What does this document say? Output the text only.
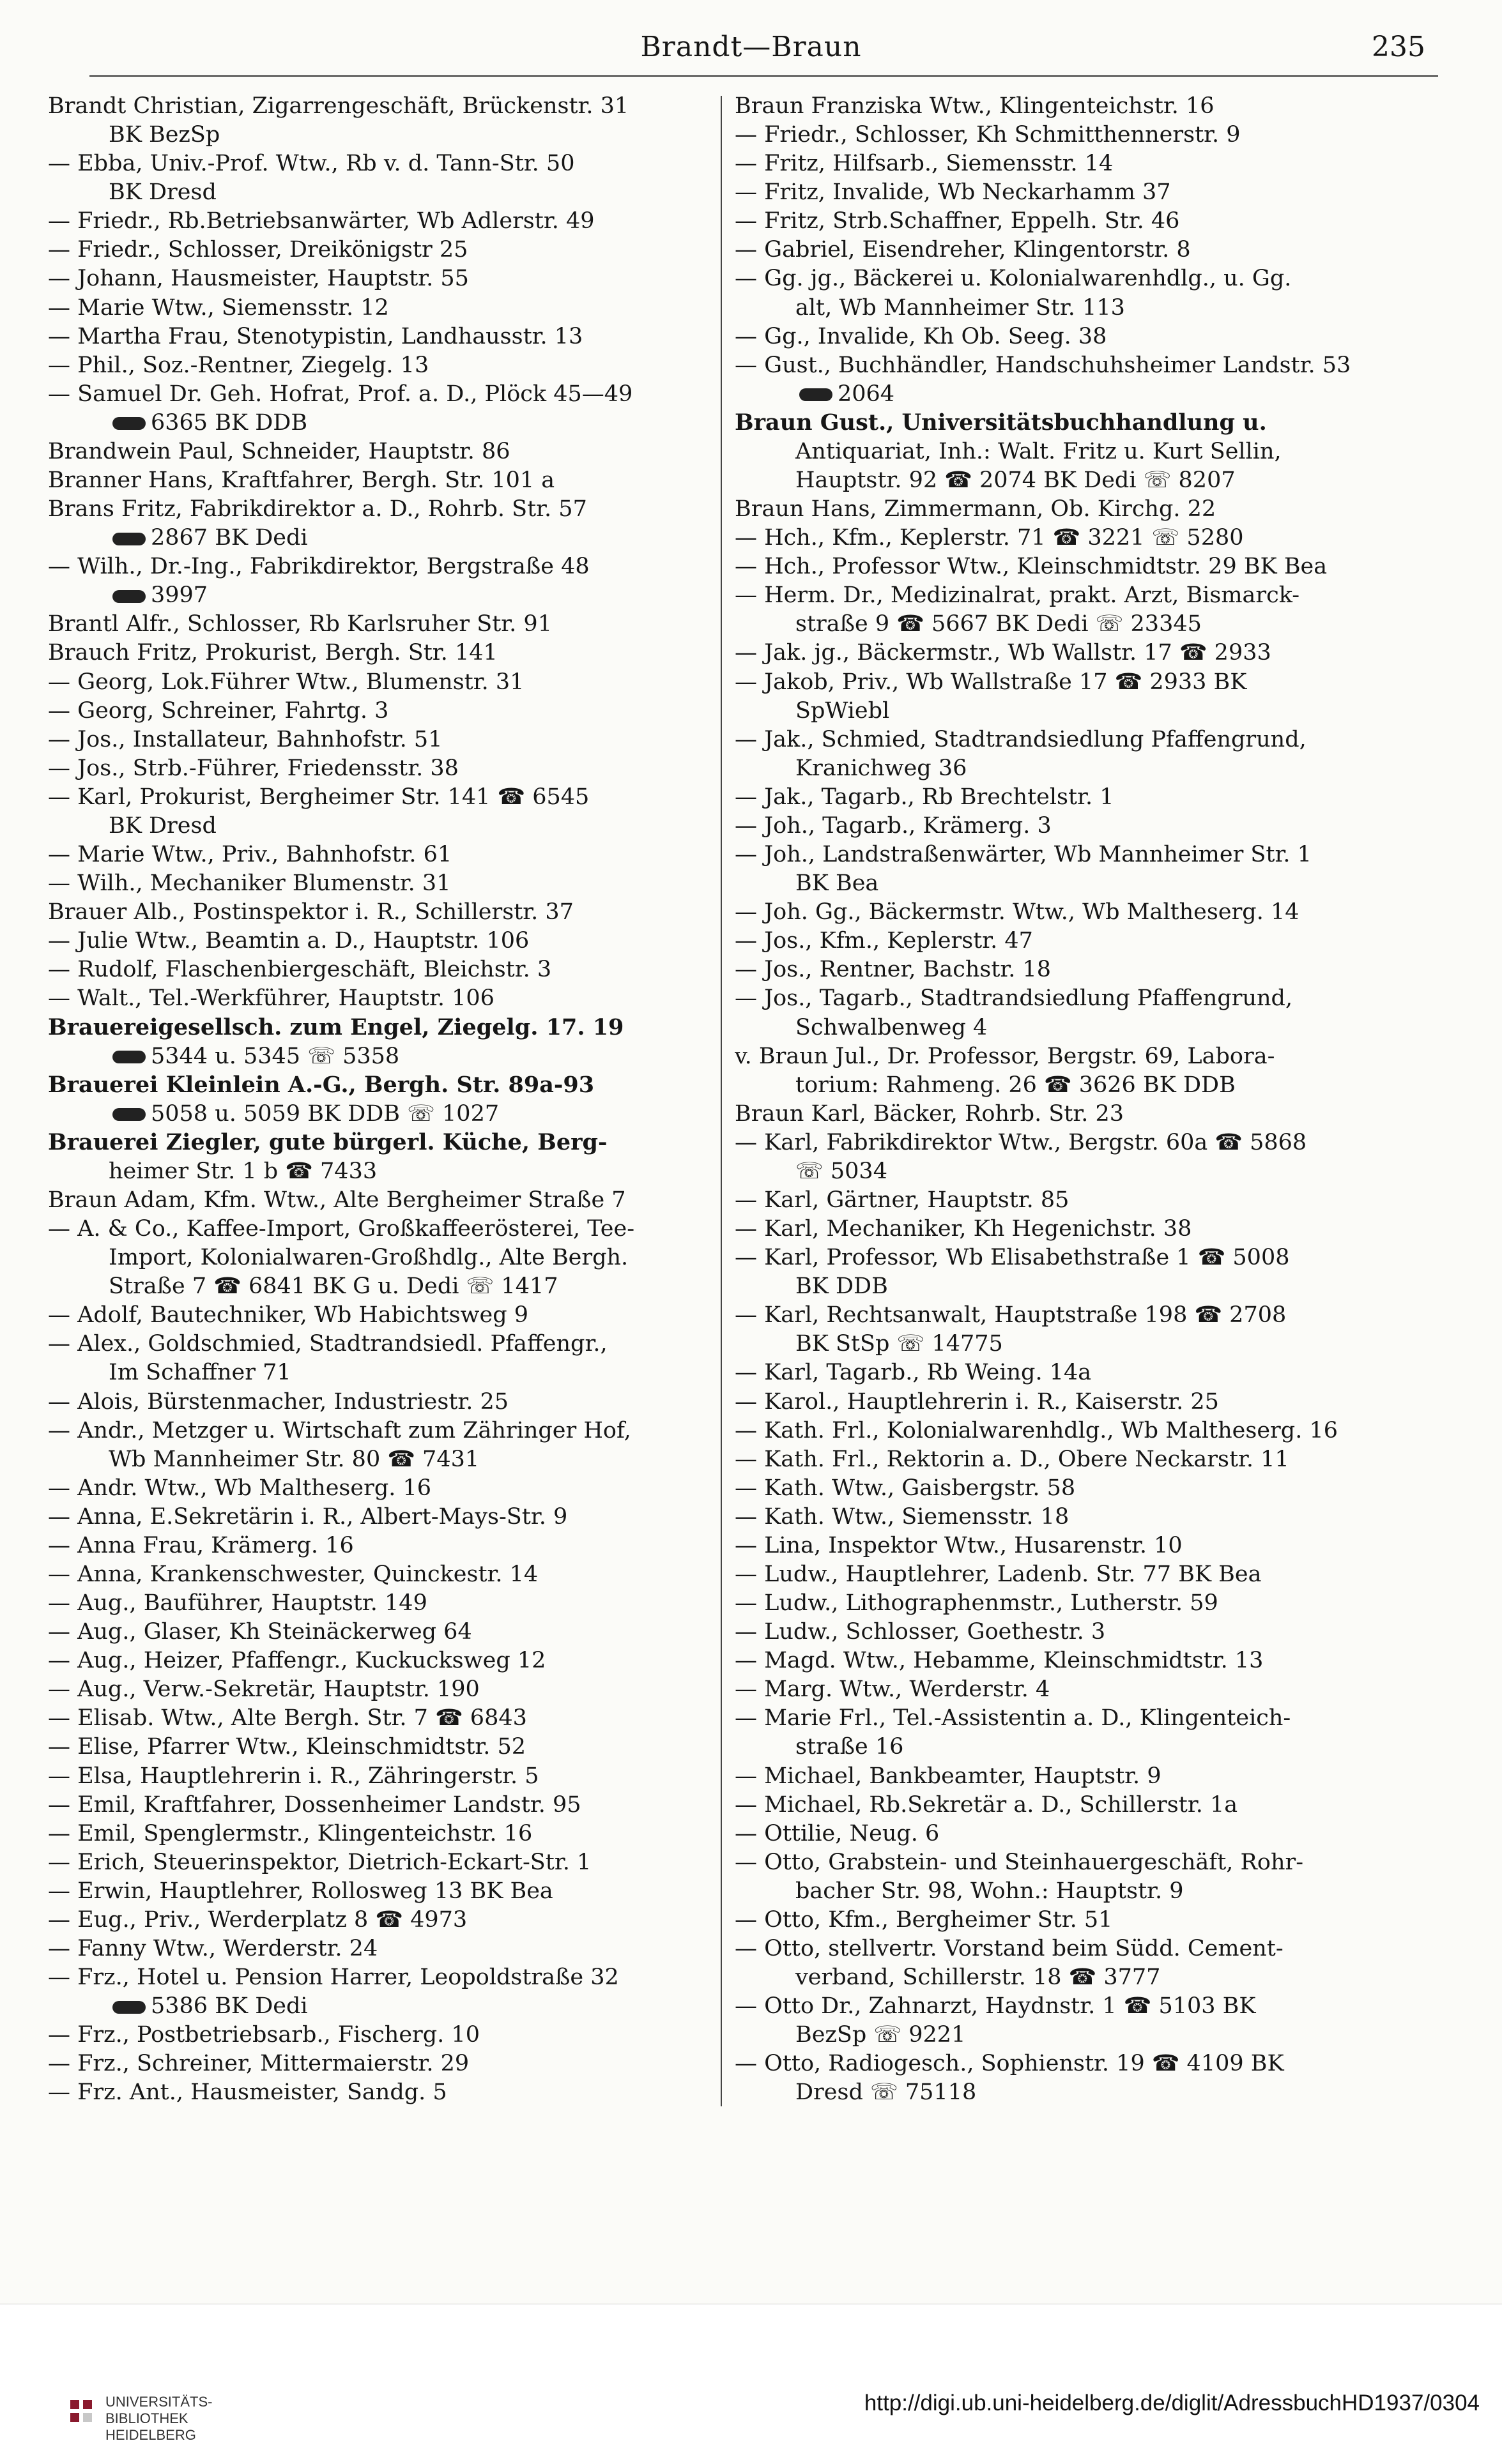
Brandt—Braun	235
Brandt Christian, Zigarrengeschäft, Brückenstr. 31
BK BezSp
— Ebba, Univ.-Prof. Wtw., Rb v. d. Tann-Str. 50
BK Dresd
— Friedr., Rb.Betriebsanwärter, Wb Adlerstr. 49
— Friedr., Schlosser, Dreikönigstr 25
— Johann, Hausmeister, Hauptstr. 55
— Marie Wtw., Siemensstr. 12
— Martha Frau, Stenotypistin, Landhausstr. 13
— Phil., Soz.-Rentner, Ziegelg. 13
— Samuel Dr. Geh. Hofrat, Prof. a. D., Plöck 45—49
6365 BK DDB
Brandwein Paul, Schneider, Hauptstr. 86
Branner Hans, Kraftfahrer, Bergh. Str. 101 a
Brans Fritz, Fabrikdirektor a. D., Rohrb. Str. 57
2867 BK Dedi
— Wilh., Dr.-Ing., Fabrikdirektor, Bergstraße 48
3997
Brantl Alfr., Schlosser, Rb Karlsruher Str. 91
Brauch Fritz, Prokurist, Bergh. Str. 141
— Georg, Lok.Führer Wtw., Blumenstr. 31
— Georg, Schreiner, Fahrtg. 3
— Jos., Installateur, Bahnhofstr. 51
— Jos., Strb.-Führer, Friedensstr. 38
— Karl, Prokurist, Bergheimer Str. 141 ☎ 6545
BK Dresd
— Marie Wtw., Priv., Bahnhofstr. 61
— Wilh., Mechaniker Blumenstr. 31
Brauer Alb., Postinspektor i. R., Schillerstr. 37
— Julie Wtw., Beamtin a. D., Hauptstr. 106
— Rudolf, Flaschenbiergeschäft, Bleichstr. 3
— Walt., Tel.-Werkführer, Hauptstr. 106
Brauereigesellsch. zum Engel, Ziegelg. 17. 19
5344 u. 5345 ☏ 5358
Brauerei Kleinlein A.-G., Bergh. Str. 89a-93
5058 u. 5059 BK DDB ☏ 1027
Brauerei Ziegler, gute bürgerl. Küche, Berg-
heimer Str. 1 b ☎ 7433
Braun Adam, Kfm. Wtw., Alte Bergheimer Straße 7
— A. & Co., Kaffee-Import, Großkaffeerösterei, Tee-
Import, Kolonialwaren-Großhdlg., Alte Bergh.
Straße 7 ☎ 6841 BK G u. Dedi ☏ 1417
— Adolf, Bautechniker, Wb Habichtsweg 9
— Alex., Goldschmied, Stadtrandsiedl. Pfaffengr.,
Im Schaffner 71
— Alois, Bürstenmacher, Industriestr. 25
— Andr., Metzger u. Wirtschaft zum Zähringer Hof,
Wb Mannheimer Str. 80 ☎ 7431
— Andr. Wtw., Wb Maltheserg. 16
— Anna, E.Sekretärin i. R., Albert-Mays-Str. 9
— Anna Frau, Krämerg. 16
— Anna, Krankenschwester, Quinckestr. 14
— Aug., Bauführer, Hauptstr. 149
— Aug., Glaser, Kh Steinäckerweg 64
— Aug., Heizer, Pfaffengr., Kuckucksweg 12
— Aug., Verw.-Sekretär, Hauptstr. 190
— Elisab. Wtw., Alte Bergh. Str. 7 ☎ 6843
— Elise, Pfarrer Wtw., Kleinschmidtstr. 52
— Elsa, Hauptlehrerin i. R., Zähringerstr. 5
— Emil, Kraftfahrer, Dossenheimer Landstr. 95
— Emil, Spenglermstr., Klingenteichstr. 16
— Erich, Steuerinspektor, Dietrich-Eckart-Str. 1
— Erwin, Hauptlehrer, Rollosweg 13 BK Bea
— Eug., Priv., Werderplatz 8 ☎ 4973
— Fanny Wtw., Werderstr. 24
— Frz., Hotel u. Pension Harrer, Leopoldstraße 32
5386 BK Dedi
— Frz., Postbetriebsarb., Fischerg. 10
— Frz., Schreiner, Mittermaierstr. 29
— Frz. Ant., Hausmeister, Sandg. 5
Braun Franziska Wtw., Klingenteichstr. 16
— Friedr., Schlosser, Kh Schmitthennerstr. 9
— Fritz, Hilfsarb., Siemensstr. 14
— Fritz, Invalide, Wb Neckarhamm 37
— Fritz, Strb.Schaffner, Eppelh. Str. 46
— Gabriel, Eisendreher, Klingentorstr. 8
— Gg. jg., Bäckerei u. Kolonialwarenhdlg., u. Gg.
alt, Wb Mannheimer Str. 113
— Gg., Invalide, Kh Ob. Seeg. 38
— Gust., Buchhändler, Handschuhsheimer Landstr. 53
2064
Braun Gust., Universitätsbuchhandlung u.
Antiquariat, Inh.: Walt. Fritz u. Kurt Sellin,
Hauptstr. 92 ☎ 2074 BK Dedi ☏ 8207
Braun Hans, Zimmermann, Ob. Kirchg. 22
— Hch., Kfm., Keplerstr. 71 ☎ 3221 ☏ 5280
— Hch., Professor Wtw., Kleinschmidtstr. 29 BK Bea
— Herm. Dr., Medizinalrat, prakt. Arzt, Bismarck-
straße 9 ☎ 5667 BK Dedi ☏ 23345
— Jak. jg., Bäckermstr., Wb Wallstr. 17 ☎ 2933
— Jakob, Priv., Wb Wallstraße 17 ☎ 2933 BK
SpWiebl
— Jak., Schmied, Stadtrandsiedlung Pfaffengrund,
Kranichweg 36
— Jak., Tagarb., Rb Brechtelstr. 1
— Joh., Tagarb., Krämerg. 3
— Joh., Landstraßenwärter, Wb Mannheimer Str. 1
BK Bea
— Joh. Gg., Bäckermstr. Wtw., Wb Maltheserg. 14
— Jos., Kfm., Keplerstr. 47
— Jos., Rentner, Bachstr. 18
— Jos., Tagarb., Stadtrandsiedlung Pfaffengrund,
Schwalbenweg 4
v. Braun Jul., Dr. Professor, Bergstr. 69, Labora-
torium: Rahmeng. 26 ☎ 3626 BK DDB
Braun Karl, Bäcker, Rohrb. Str. 23
— Karl, Fabrikdirektor Wtw., Bergstr. 60a ☎ 5868
☏ 5034
— Karl, Gärtner, Hauptstr. 85
— Karl, Mechaniker, Kh Hegenichstr. 38
— Karl, Professor, Wb Elisabethstraße 1 ☎ 5008
BK DDB
— Karl, Rechtsanwalt, Hauptstraße 198 ☎ 2708
BK StSp ☏ 14775
— Karl, Tagarb., Rb Weing. 14a
— Karol., Hauptlehrerin i. R., Kaiserstr. 25
— Kath. Frl., Kolonialwarenhdlg., Wb Maltheserg. 16
— Kath. Frl., Rektorin a. D., Obere Neckarstr. 11
— Kath. Wtw., Gaisbergstr. 58
— Kath. Wtw., Siemensstr. 18
— Lina, Inspektor Wtw., Husarenstr. 10
— Ludw., Hauptlehrer, Ladenb. Str. 77 BK Bea
— Ludw., Lithographenmstr., Lutherstr. 59
— Ludw., Schlosser, Goethestr. 3
— Magd. Wtw., Hebamme, Kleinschmidtstr. 13
— Marg. Wtw., Werderstr. 4
— Marie Frl., Tel.-Assistentin a. D., Klingenteich-
straße 16
— Michael, Bankbeamter, Hauptstr. 9
— Michael, Rb.Sekretär a. D., Schillerstr. 1a
— Ottilie, Neug. 6
— Otto, Grabstein- und Steinhauergeschäft, Rohr-
bacher Str. 98, Wohn.: Hauptstr. 9
— Otto, Kfm., Bergheimer Str. 51
— Otto, stellvertr. Vorstand beim Südd. Cement-
verband, Schillerstr. 18 ☎ 3777
— Otto Dr., Zahnarzt, Haydnstr. 1 ☎ 5103 BK
BezSp ☏ 9221
— Otto, Radiogesch., Sophienstr. 19 ☎ 4109 BK
Dresd ☏ 75118
UNIVERSITÄTS-
BIBLIOTHEK
HEIDELBERG
http://digi.ub.uni-heidelberg.de/diglit/AdressbuchHD1937/0304
